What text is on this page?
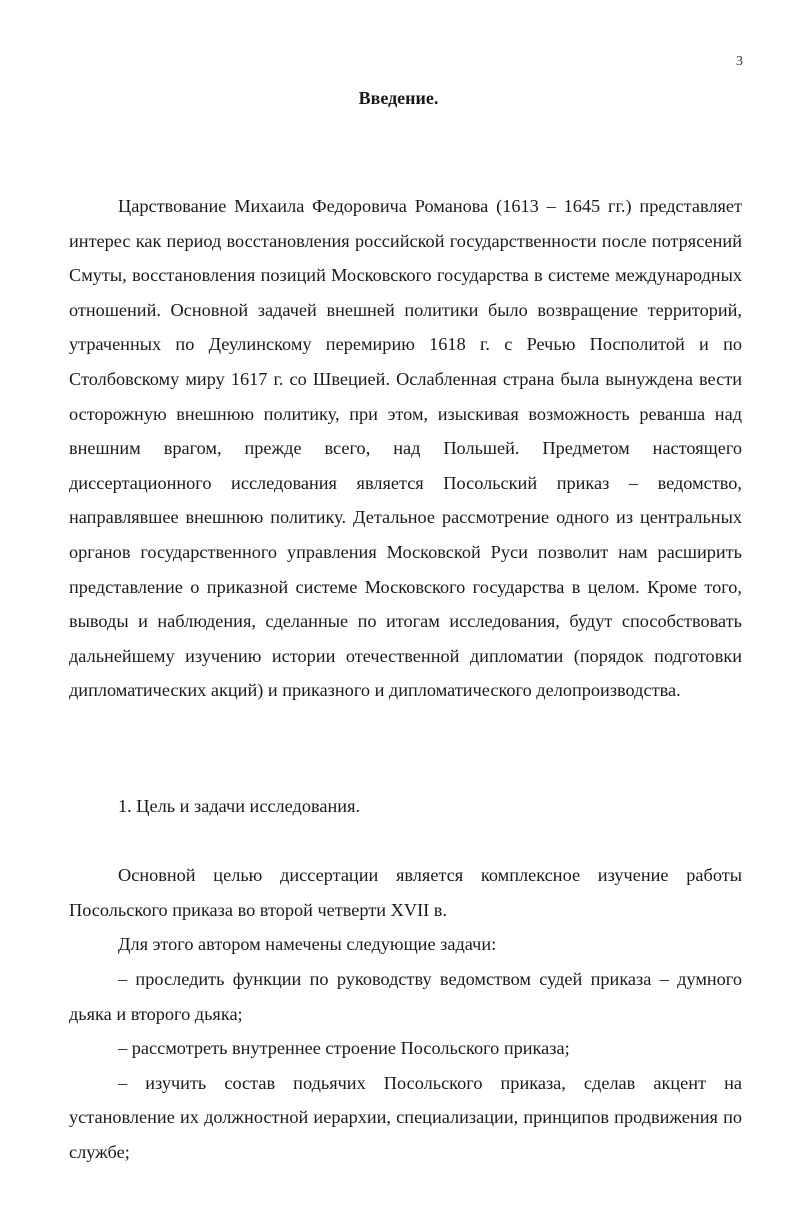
3
Введение.

Царствование Михаила Федоровича Романова (1613 – 1645 гг.) представляет интерес как период восстановления российской государственности после потрясений Смуты, восстановления позиций Московского государства в системе международных отношений. Основной задачей внешней политики было возвращение территорий, утраченных по Деулинскому перемирию 1618 г. с Речью Посполитой и по Столбовскому миру 1617 г. со Швецией. Ослабленная страна была вынуждена вести осторожную внешнюю политику, при этом, изыскивая возможность реванша над внешним врагом, прежде всего, над Польшей. Предметом настоящего диссертационного исследования является Посольский приказ – ведомство, направлявшее внешнюю политику. Детальное рассмотрение одного из центральных органов государственного управления Московской Руси позволит нам расширить представление о приказной системе Московского государства в целом. Кроме того, выводы и наблюдения, сделанные по итогам исследования, будут способствовать дальнейшему изучению истории отечественной дипломатии (порядок подготовки дипломатических акций) и приказного и дипломатического делопроизводства.

1. Цель и задачи исследования.

Основной целью диссертации является комплексное изучение работы Посольского приказа во второй четверти XVII в.

Для этого автором намечены следующие задачи:

– проследить функции по руководству ведомством судей приказа – думного дьяка и второго дьяка;

– рассмотреть внутреннее строение Посольского приказа;

– изучить состав подьячих Посольского приказа, сделав акцент на установление их должностной иерархии, специализации, принципов продвижения по службе;
